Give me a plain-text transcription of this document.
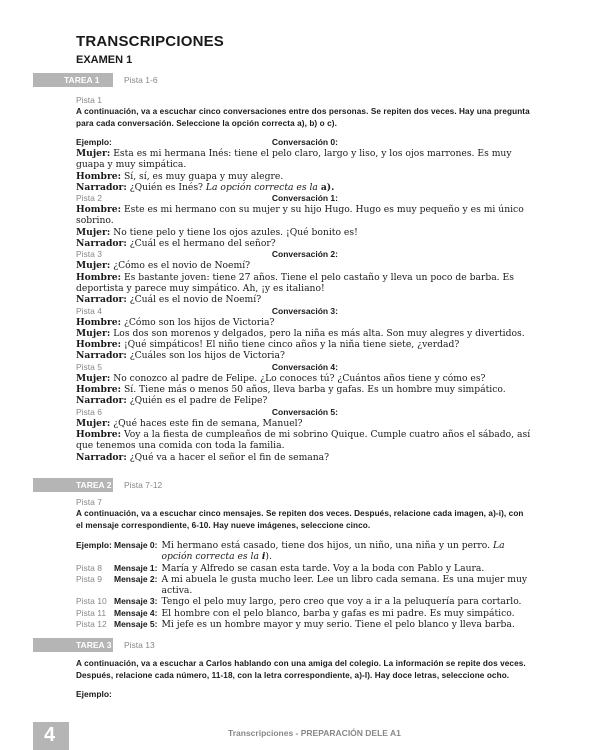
TRANSCRIPCIONES
EXAMEN 1
TAREA 1	Pista 1-6
Pista 1
A continuación, va a escuchar cinco conversaciones entre dos personas. Se repiten dos veces. Hay una pregunta para cada conversación. Seleccione la opción correcta a), b) o c).
Ejemplo:	Conversación 0:
Mujer: Esta es mi hermana Inés: tiene el pelo claro, largo y liso, y los ojos marrones. Es muy guapa y muy simpática.
Hombre: Sí, sí, es muy guapa y muy alegre.
Narrador: ¿Quién es Inés? La opción correcta es la a).
Pista 2	Conversación 1:
Hombre: Este es mi hermano con su mujer y su hijo Hugo. Hugo es muy pequeño y es mi único sobrino.
Mujer: No tiene pelo y tiene los ojos azules. ¡Qué bonito es!
Narrador: ¿Cuál es el hermano del señor?
Pista 3	Conversación 2:
Mujer: ¿Cómo es el novio de Noemí?
Hombre: Es bastante joven: tiene 27 años. Tiene el pelo castaño y lleva un poco de barba. Es deportista y parece muy simpático. Ah, ¡y es italiano!
Narrador: ¿Cuál es el novio de Noemí?
Pista 4	Conversación 3:
Hombre: ¿Cómo son los hijos de Victoria?
Mujer: Los dos son morenos y delgados, pero la niña es más alta. Son muy alegres y divertidos.
Hombre: ¡Qué simpáticos! El niño tiene cinco años y la niña tiene siete, ¿verdad?
Narrador: ¿Cuáles son los hijos de Victoria?
Pista 5	Conversación 4:
Mujer: No conozco al padre de Felipe. ¿Lo conoces tú? ¿Cuántos años tiene y cómo es?
Hombre: Sí. Tiene más o menos 50 años, lleva barba y gafas. Es un hombre muy simpático.
Narrador: ¿Quién es el padre de Felipe?
Pista 6	Conversación 5:
Mujer: ¿Qué haces este fin de semana, Manuel?
Hombre: Voy a la fiesta de cumpleaños de mi sobrino Quique. Cumple cuatro años el sábado, así que tenemos una comida con toda la familia.
Narrador: ¿Qué va a hacer el señor el fin de semana?
TAREA 2 Pista 7-12
Pista 7
A continuación, va a escuchar cinco mensajes. Se repiten dos veces. Después, relacione cada imagen, a)-i), con el mensaje correspondiente, 6-10. Hay nueve imágenes, seleccione cinco.
Ejemplo: Mensaje 0: Mi hermano está casado, tiene dos hijos, un niño, una niña y un perro. La opción correcta es la i).
Pista 8	Mensaje 1: María y Alfredo se casan esta tarde. Voy a la boda con Pablo y Laura.
Pista 9	Mensaje 2: A mi abuela le gusta mucho leer. Lee un libro cada semana. Es una mujer muy activa.
Pista 10 Mensaje 3: Tengo el pelo muy largo, pero creo que voy a ir a la peluquería para cortarlo.
Pista 11 Mensaje 4: El hombre con el pelo blanco, barba y gafas es mi padre. Es muy simpático.
Pista 12 Mensaje 5: Mi jefe es un hombre mayor y muy serio. Tiene el pelo blanco y lleva barba.
TAREA 3 Pista 13
A continuación, va a escuchar a Carlos hablando con una amiga del colegio. La información se repite dos veces. Después, relacione cada número, 11-18, con la letra correspondiente, a)-l). Hay doce letras, seleccione ocho.
Ejemplo:
4	Transcripciones - PREPARACIÓN DELE A1
